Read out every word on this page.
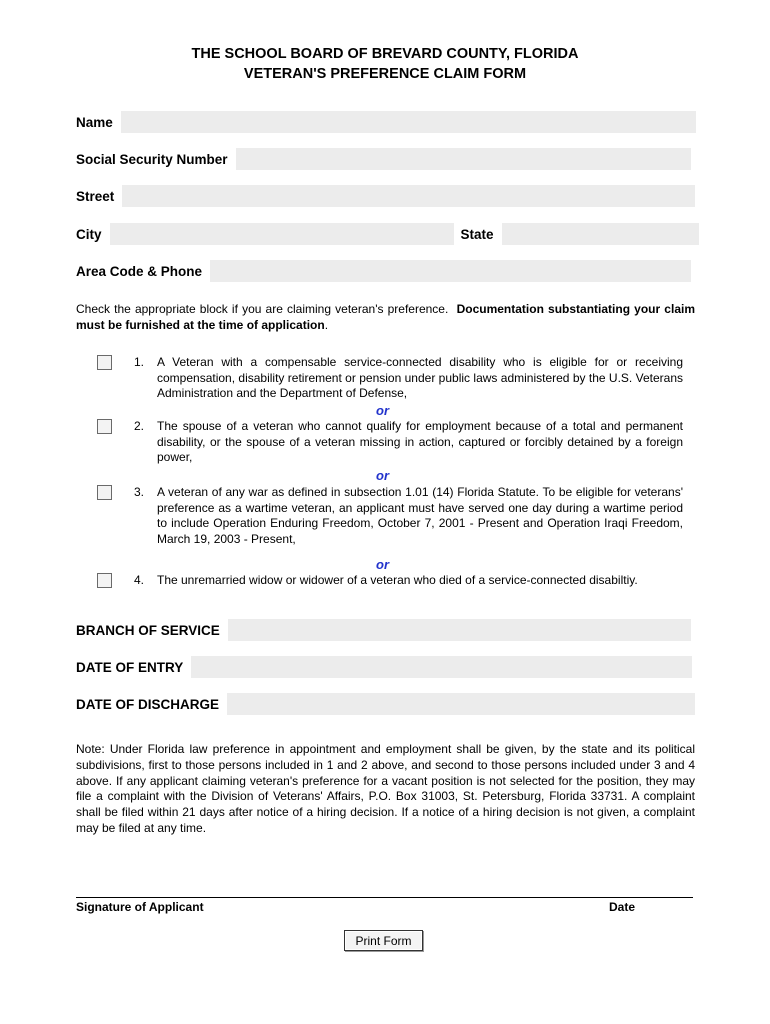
THE SCHOOL BOARD OF BREVARD COUNTY, FLORIDA
VETERAN'S PREFERENCE CLAIM FORM
Name
Social Security Number
Street
City	State
Area Code & Phone
Check the appropriate block if you are claiming veteran's preference. Documentation substantiating your claim must be furnished at the time of application.
1. A Veteran with a compensable service-connected disability who is eligible for or receiving compensation, disability retirement or pension under public laws administered by the U.S. Veterans Administration and the Department of Defense,
or
2. The spouse of a veteran who cannot qualify for employment because of a total and permanent disability, or the spouse of a veteran missing in action, captured or forcibly detained by a foreign power,
or
3. A veteran of any war as defined in subsection 1.01 (14) Florida Statute. To be eligible for veterans' preference as a wartime veteran, an applicant must have served one day during a wartime period to include Operation Enduring Freedom, October 7, 2001 - Present and Operation Iraqi Freedom, March 19, 2003 - Present,
or
4. The unremarried widow or widower of a veteran who died of a service-connected disabiltiy.
BRANCH OF SERVICE
DATE OF ENTRY
DATE OF DISCHARGE
Note: Under Florida law preference in appointment and employment shall be given, by the state and its political subdivisions, first to those persons included in 1 and 2 above, and second to those persons included under 3 and 4 above. If any applicant claiming veteran's preference for a vacant position is not selected for the position, they may file a complaint with the Division of Veterans' Affairs, P.O. Box 31003, St. Petersburg, Florida 33731. A complaint shall be filed within 21 days after notice of a hiring decision. If a notice of a hiring decision is not given, a complaint may be filed at any time.
Signature of Applicant	Date
Print Form
